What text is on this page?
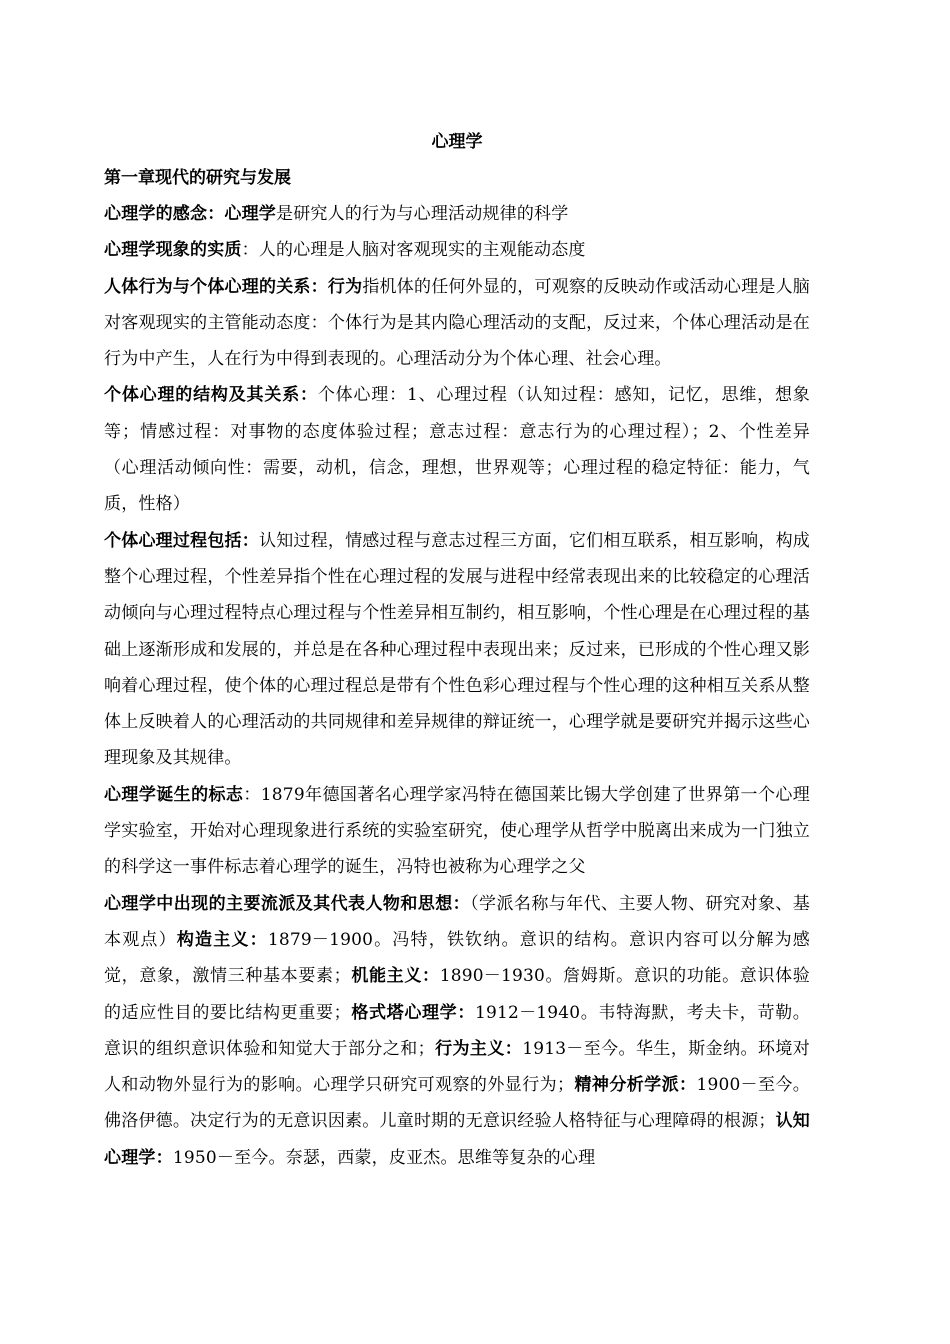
心理学
第一章现代的研究与发展

心理学的感念：心理学是研究人的行为与心理活动规律的科学

心理学现象的实质：人的心理是人脑对客观现实的主观能动态度

人体行为与个体心理的关系：行为指机体的任何外显的，可观察的反映动作或活动心理是人脑对客观现实的主管能动态度：个体行为是其内隐心理活动的支配，反过来，个体心理活动是在行为中产生，人在行为中得到表现的。心理活动分为个体心理、社会心理。

个体心理的结构及其关系：个体心理：1、心理过程（认知过程：感知，记忆，思维，想象等；情感过程：对事物的态度体验过程；意志过程：意志行为的心理过程）；2、个性差异（心理活动倾向性：需要，动机，信念，理想，世界观等；心理过程的稳定特征：能力，气质，性格）

个体心理过程包括：认知过程，情感过程与意志过程三方面，它们相互联系，相互影响，构成整个心理过程，个性差异指个性在心理过程的发展与进程中经常表现出来的比较稳定的心理活动倾向与心理过程特点心理过程与个性差异相互制约，相互影响，个性心理是在心理过程的基础上逐渐形成和发展的，并总是在各种心理过程中表现出来；反过来，已形成的个性心理又影响着心理过程，使个体的心理过程总是带有个性色彩心理过程与个性心理的这种相互关系从整体上反映着人的心理活动的共同规律和差异规律的辩证统一，心理学就是要研究并揭示这些心理现象及其规律。

心理学诞生的标志：1879年德国著名心理学家冯特在德国莱比锡大学创建了世界第一个心理学实验室，开始对心理现象进行系统的实验室研究，使心理学从哲学中脱离出来成为一门独立的科学这一事件标志着心理学的诞生，冯特也被称为心理学之父

心理学中出现的主要流派及其代表人物和思想：（学派名称与年代、主要人物、研究对象、基本观点）构造主义：1879－1900。冯特，铁钦纳。意识的结构。意识内容可以分解为感觉，意象，激情三种基本要素；机能主义：1890－1930。詹姆斯。意识的功能。意识体验的适应性目的要比结构更重要；格式塔心理学：1912－1940。韦特海默，考夫卡，苛勒。意识的组织意识体验和知觉大于部分之和；行为主义：1913－至今。华生，斯金纳。环境对人和动物外显行为的影响。心理学只研究可观察的外显行为；精神分析学派：1900－至今。佛洛伊德。决定行为的无意识因素。儿童时期的无意识经验人格特征与心理障碍的根源；认知心理学：1950－至今。奈瑟，西蒙，皮亚杰。思维等复杂的心理
